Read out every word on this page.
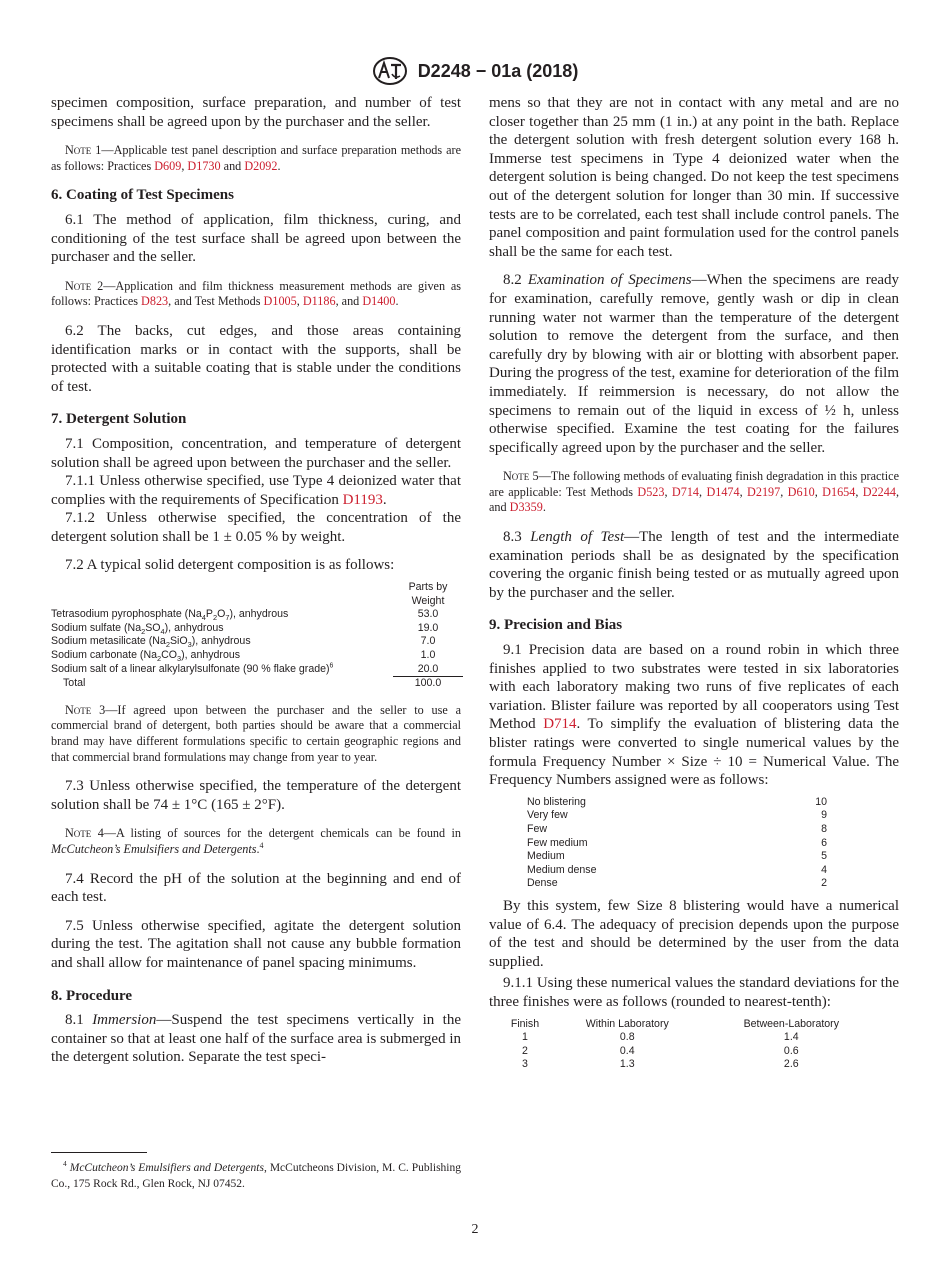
D2248 − 01a (2018)

specimen composition, surface preparation, and number of test specimens shall be agreed upon by the purchaser and the seller.

Note 1—Applicable test panel description and surface preparation methods are as follows: Practices D609, D1730 and D2092.
6. Coating of Test Specimens

6.1 The method of application, film thickness, curing, and conditioning of the test surface shall be agreed upon between the purchaser and the seller.

Note 2—Application and film thickness measurement methods are given as follows: Practices D823, and Test Methods D1005, D1186, and D1400.

6.2 The backs, cut edges, and those areas containing identification marks or in contact with the supports, shall be protected with a suitable coating that is stable under the conditions of test.

7. Detergent Solution

7.1 Composition, concentration, and temperature of detergent solution shall be agreed upon between the purchaser and the seller.

7.1.1 Unless otherwise specified, use Type 4 deionized water that complies with the requirements of Specification D1193.

7.1.2 Unless otherwise specified, the concentration of the detergent solution shall be 1 ± 0.05 % by weight.

7.2 A typical solid detergent composition is as follows:

	Parts by Weight
Tetrasodium pyrophosphate $(Na_4P_2O_7)$, anhydrous	53.0
Sodium sulfate $(Na_2SO_4)$, anhydrous	19.0
Sodium metasilicate $(Na_2SiO_3)$, anhydrous	7.0
Sodium carbonate $(Na_2CO_3)$, anhydrous	1.0
Sodium salt of a linear alkylarylsulfonate (90 % flake grade)$^6$	20.0
Total	100.0
Note 3—If agreed upon between the purchaser and the seller to use a commercial brand of detergent, both parties should be aware that a commercial brand may have different formulations specific to certain geographic regions and that commercial brand formulations may change from year to year.

7.3 Unless otherwise specified, the temperature of the detergent solution shall be 74 ± 1°C (165 ± 2°F).

Note 4—A listing of sources for the detergent chemicals can be found in McCutcheon’s Emulsifiers and Detergents.$^4$

7.4 Record the pH of the solution at the beginning and end of each test.

7.5 Unless otherwise specified, agitate the detergent solution during the test. The agitation shall not cause any bubble formation and shall allow for maintenance of panel spacing minimums.

8. Procedure

8.1 Immersion—Suspend the test specimens vertically in the container so that at least one half of the surface area is submerged in the detergent solution. Separate the test speci-

$^4$ McCutcheon’s Emulsifiers and Detergents, McCutcheons Division, M. C. Publishing Co., 175 Rock Rd., Glen Rock, NJ 07452.

mens so that they are not in contact with any metal and are no closer together than 25 mm (1 in.) at any point in the bath. Replace the detergent solution with fresh detergent solution every 168 h. Immerse test specimens in Type 4 deionized water when the detergent solution is being changed. Do not keep the test specimens out of the detergent solution for longer than 30 min. If successive tests are to be correlated, each test shall include control panels. The panel composition and paint formulation used for the control panels shall be the same for each test.

8.2 Examination of Specimens—When the specimens are ready for examination, carefully remove, gently wash or dip in clean running water not warmer than the temperature of the detergent solution to remove the detergent from the surface, and then carefully dry by blowing with air or blotting with absorbent paper. During the progress of the test, examine for deterioration of the film immediately. If reimmersion is necessary, do not allow the specimens to remain out of the liquid in excess of ½ h, unless otherwise specified. Examine the test coating for the failures specifically agreed upon by the purchaser and the seller.

Note 5—The following methods of evaluating finish degradation in this practice are applicable: Test Methods D523, D714, D1474, D2197, D610, D1654, D2244, and D3359.

8.3 Length of Test—The length of test and the intermediate examination periods shall be as designated by the specification covering the organic finish being tested or as mutually agreed upon by the purchaser and the seller.

9. Precision and Bias

9.1 Precision data are based on a round robin in which three finishes applied to two substrates were tested in six laboratories with each laboratory making two runs of five replicates of each variation. Blister failure was reported by all cooperators using Test Method D714. To simplify the evaluation of blistering data the blister ratings were converted to single numerical values by the formula Frequency Number × Size ÷ 10 = Numerical Value. The Frequency Numbers assigned were as follows:

No blistering	10
Very few	9
Few	8
Few medium	6
Medium	5
Medium dense	4
Dense	2

By this system, few Size 8 blistering would have a numerical value of 6.4. The adequacy of precision depends upon the purpose of the test and should be determined by the user from the data supplied.

9.1.1 Using these numerical values the standard deviations for the three finishes were as follows (rounded to nearest-tenth):

Finish	Within Laboratory	Between-Laboratory
1	0.8	1.4
2	0.4	0.6
3	1.3	2.6
2
